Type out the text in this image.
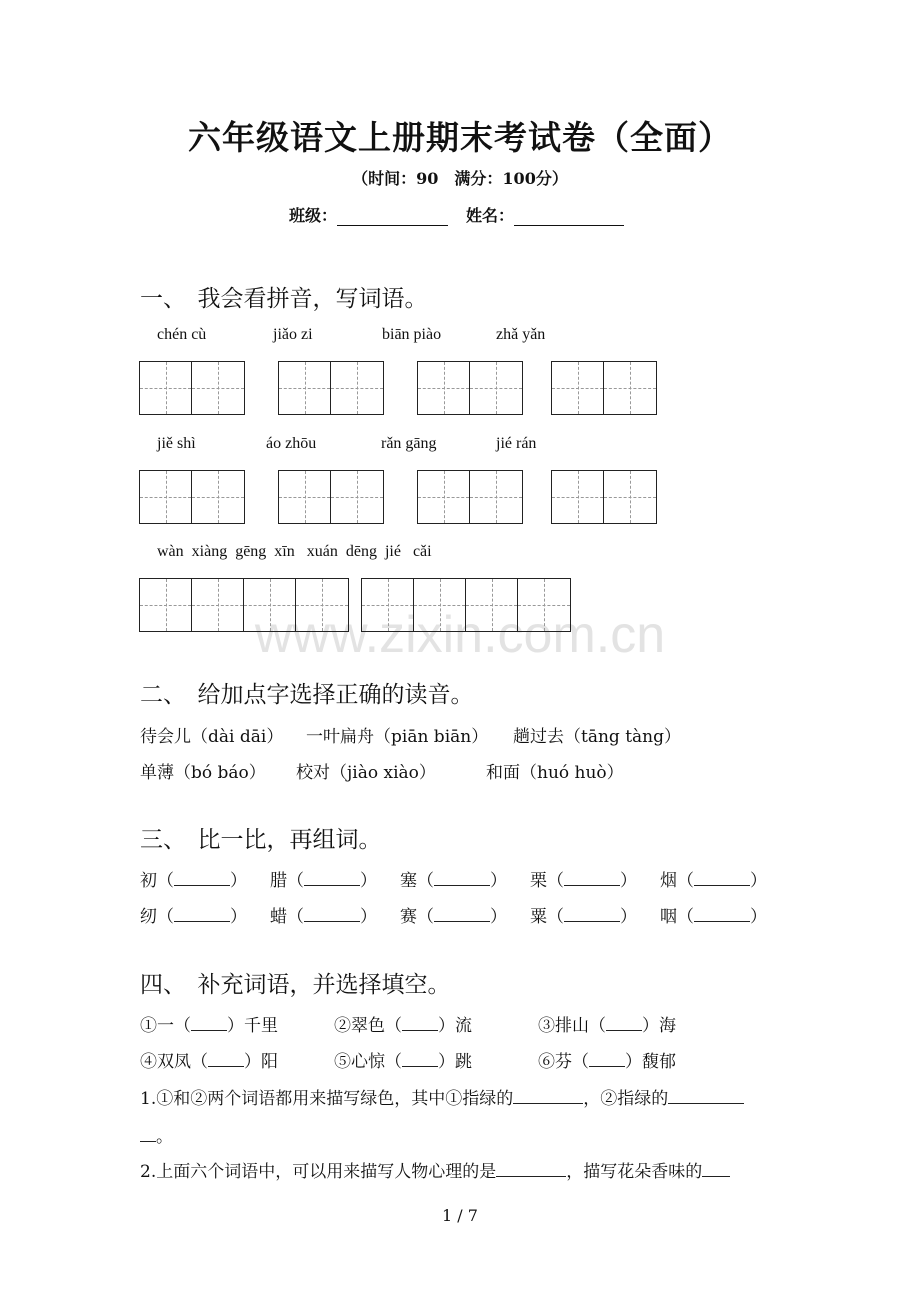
六年级语文上册期末考试卷（全面）
（时间：90　满分：100分）
班级：	姓名：
www.zixin.com.cn
一、　我会看拼音，写词语。
chén cù	jiǎo zi	biān piào	zhǎ yǎn
jiě shì	áo zhōu	rǎn gāng	jié rán
wàn  xiàng  gēng  xīn   xuán  dēng  jié   cǎi
二、　给加点字选择正确的读音。
待会儿（dài dāi） 一叶扁舟（piān biān） 趟过去（tāng tàng）
单薄（bó báo） 校对（jiào xiào）	和面（huó huò）
三、　比一比，再组词。
初（	） 腊（	） 塞（	） 栗（	） 烟（	）
纫（	） 蜡（	） 赛（	） 粟（	） 咽（	）
四、　补充词语，并选择填空。
①一（ ）千里	②翠色（ ）流	③排山（ ）海
④双凤（ ）阳	⑤心惊（ ）跳	⑥芬（ ）馥郁
1.①和②两个词语都用来描写绿色，其中①指绿的	，②指绿的
。
2.上面六个词语中，可以用来描写人物心理的是	，描写花朵香味的
1 / 7
